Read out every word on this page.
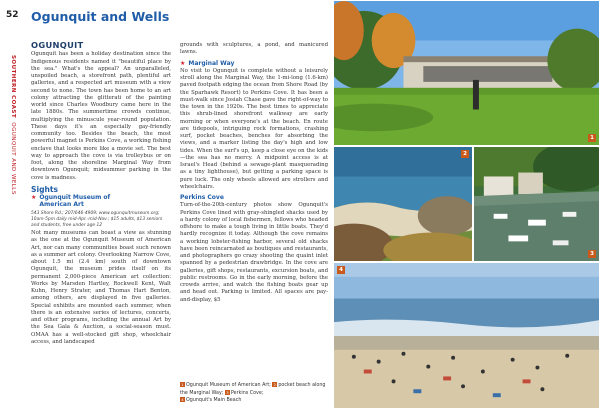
52 Ogunquit and Wells
SOUTHERN COAST OGUNQUIT AND WELLS
OGUNQUIT

Ogunquit has been a holiday destination since the Indigenous residents named it "beautiful place by the sea." What's the appeal? An unparalleled, unspoiled beach, a storefront path, plentiful art galleries, and a respected art museum with a view second to none. The town has been home to an art colony attracting the glitterati of the painting world since Charles Woodbury came here in the late 1880s. The summertime crowds continue, multiplying the minuscule year-round population. These days it's an especially gay-friendly community too. Besides the beach, the most powerful magnet is Perkins Cove, a working fishing enclave that looks more like a movie set. The best way to approach the cove is via trolleybus or on foot, along the shoreline Marginal Way from downtown Ogunquit; midsummer parking in the cove is madness.

Sights
★ Ogunquit Museum of
American Art
543 Shore Rd.; 207/646-4909; www.ogunquitmuseum.org; 10am-5pm daily mid-Apr.-mid-Nov.; $15 adults, $13 seniors and students, free under age 12

Not many museums can boast a view as stunning as the one at the Ogunquit Museum of American Art, nor can many communities boast such renown as a summer art colony. Overlooking Narrow Cove, about 1.5 mi (2.4 km) south of downtown Ogunquit, the museum prides itself on its permanent 2,000-piece American art collection: Works by Marsden Hartley, Rockwell Kent, Walt Kuhn, Henry Strater, and Thomas Hart Benton, among others, are displayed in five galleries. Special exhibits are mounted each summer, when there is an extensive series of lectures, concerts, and other programs, including the annual Art by the Sea Gala & Auction, a social-season must. OMAA has a well-stocked gift shop, wheelchair access, and landscaped

grounds with sculptures, a pond, and manicured lawns.

★ Marginal Way

No visit to Ogunquit is complete without a leisurely stroll along the Marginal Way, the 1-mi-long (1.6-km) paved footpath edging the ocean from Shore Road (by the Sparhawk Resort) to Perkins Cove. It has been a must-walk since Josiah Chase gave the right-of-way to the town in the 1920s. The best times to appreciate this shrub-lined shorefront walkway are early morning or when everyone's at the beach. En route are tidepools, intriguing rock formations, crashing surf, pocket beaches, benches for absorbing the views, and a marker listing the day's high and low tides. When the surf's up, keep a close eye on the kids—the sea has no mercy. A midpoint access is at Israel's Head (behind a sewage-plant masquerading as a tiny lighthouse), but getting a parking space is pure luck. The only wheels allowed are strollers and wheelchairs.

Perkins Cove

Turn-of-the-20th-century photos show Ogunquit's Perkins Cove lined with gray-shingled shacks used by a hardy colony of local fishermen, fellows who headed offshore to make a tough living in little boats. They'd hardly recognize it today. Although the cove remains a working lobster-fishing harbor, several old shacks have been reincarnated as boutiques and restaurants, and photographers go crazy shooting the quaint inlet spanned by a pedestrian drawbridge. In the cove are galleries, gift shops, restaurants, excursion boats, and public restrooms. Go in the early morning, before the crowds arrive, and watch the fishing boats gear up and head out. Parking is limited. All spaces are pay-and-display, $5

1 Ogunquit Museum of American Art; 2 pocket beach along the Marginal Way; 3 Perkins Cove;
4 Ogunquit's Main Beach
1
2
3
4
